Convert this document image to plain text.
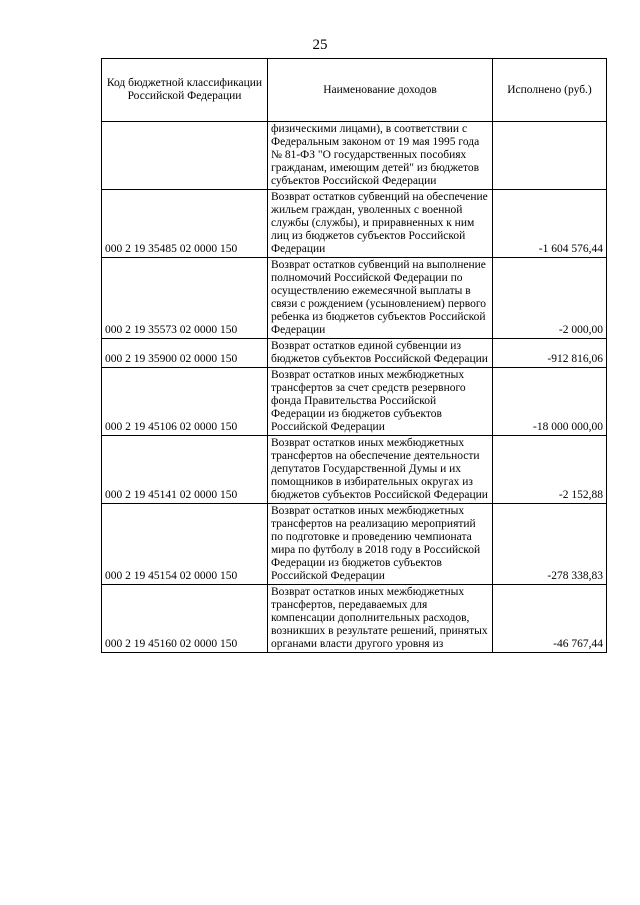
25
Код бюджетной классификации Российской Федерации	Наименование доходов	Исполнено (руб.)
	физическими лицами), в соответствии с Федеральным законом от 19 мая 1995 года № 81-ФЗ "О государственных пособиях гражданам, имеющим детей" из бюджетов субъектов Российской Федерации	
000 2 19 35485 02 0000 150	Возврат остатков субвенций на обеспечение жильем граждан, уволенных с военной службы (службы), и приравненных к ним лиц из бюджетов субъектов Российской Федерации	-1 604 576,44
000 2 19 35573 02 0000 150	Возврат остатков субвенций на выполнение полномочий Российской Федерации по осуществлению ежемесячной выплаты в связи с рождением (усыновлением) первого ребенка из бюджетов субъектов Российской Федерации	-2 000,00
000 2 19 35900 02 0000 150	Возврат остатков единой субвенции из бюджетов субъектов Российской Федерации	-912 816,06
000 2 19 45106 02 0000 150	Возврат остатков иных межбюджетных трансфертов за счет средств резервного фонда Правительства Российской Федерации из бюджетов субъектов Российской Федерации	-18 000 000,00
000 2 19 45141 02 0000 150	Возврат остатков иных межбюджетных трансфертов на обеспечение деятельности депутатов Государственной Думы и их помощников в избирательных округах из бюджетов субъектов Российской Федерации	-2 152,88
000 2 19 45154 02 0000 150	Возврат остатков иных межбюджетных трансфертов на реализацию мероприятий по подготовке и проведению чемпионата мира по футболу в 2018 году в Российской Федерации из бюджетов субъектов Российской Федерации	-278 338,83
000 2 19 45160 02 0000 150	Возврат остатков иных межбюджетных трансфертов, передаваемых для компенсации дополнительных расходов, возникших в результате решений, принятых органами власти другого уровня из	-46 767,44
